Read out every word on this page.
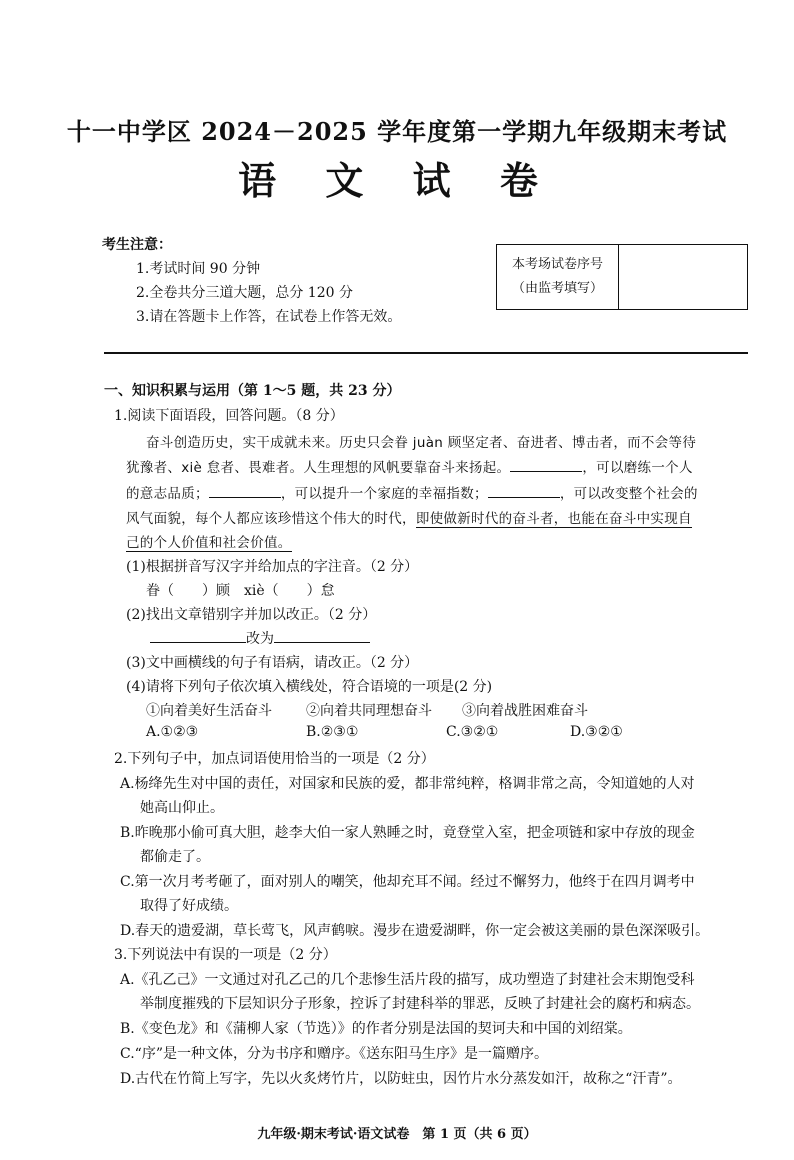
十一中学区 2024－2025 学年度第一学期九年级期末考试
语 文 试 卷
考生注意：
1.考试时间 90 分钟
2.全卷共分三道大题，总分 120 分
3.请在答题卡上作答，在试卷上作答无效。
本考场试卷序号
（由监考填写）
一、知识积累与运用（第 1～5 题，共 23 分）
1.阅读下面语段，回答问题。（8 分）
奋斗创造历史，实干成就未来。历史只会眷 juàn 顾坚定者、奋进者、博击者，而不会等待
犹豫者、xiè 怠者、畏难者。人生理想的风帆要靠奋斗来扬起。	，可以磨练一个人
的意志品质；	，可以提升一个家庭的幸福指数；	，可以改变整个社会的
风气面貌，每个人都应该珍惜这个伟大的时代，即使做新时代的奋斗者，也能在奋斗中实现自
己的个人价值和社会价值。
(1)根据拼音写汉字并给加点的字注音。（2 分）
眷（　　）顾 xiè（　　）怠
(2)找出文章错别字并加以改正。（2 分）
改为
(3)文中画横线的句子有语病，请改正。（2 分）
(4)请将下列句子依次填入横线处，符合语境的一项是(2 分)
①向着美好生活奋斗 ②向着共同理想奋斗 ③向着战胜困难奋斗
A.①②③	B.②③①	C.③②①	D.③②①
2.下列句子中，加点词语使用恰当的一项是（2 分）
A.杨绛先生对中国的责任，对国家和民族的爱，都非常纯粹，格调非常之高，令知道她的人对
她高山仰止。
B.昨晚那小偷可真大胆，趁李大伯一家人熟睡之时，竟登堂入室，把金项链和家中存放的现金
都偷走了。
C.第一次月考考砸了，面对别人的嘲笑，他却充耳不闻。经过不懈努力，他终于在四月调考中
取得了好成绩。
D.春天的遗爱湖，草长莺飞，风声鹤唳。漫步在遗爱湖畔，你一定会被这美丽的景色深深吸引。
3.下列说法中有误的一项是（2 分）
A.《孔乙己》一文通过对孔乙己的几个悲惨生活片段的描写，成功塑造了封建社会末期饱受科
举制度摧残的下层知识分子形象，控诉了封建科举的罪恶，反映了封建社会的腐朽和病态。
B.《变色龙》和《蒲柳人家（节选）》的作者分别是法国的契诃夫和中国的刘绍棠。
C.“序”是一种文体，分为书序和赠序。《送东阳马生序》是一篇赠序。
D.古代在竹简上写字，先以火炙烤竹片，以防蛀虫，因竹片水分蒸发如汗，故称之“汗青”。
九年级·期末考试·语文试卷　第 1 页（共 6 页）
